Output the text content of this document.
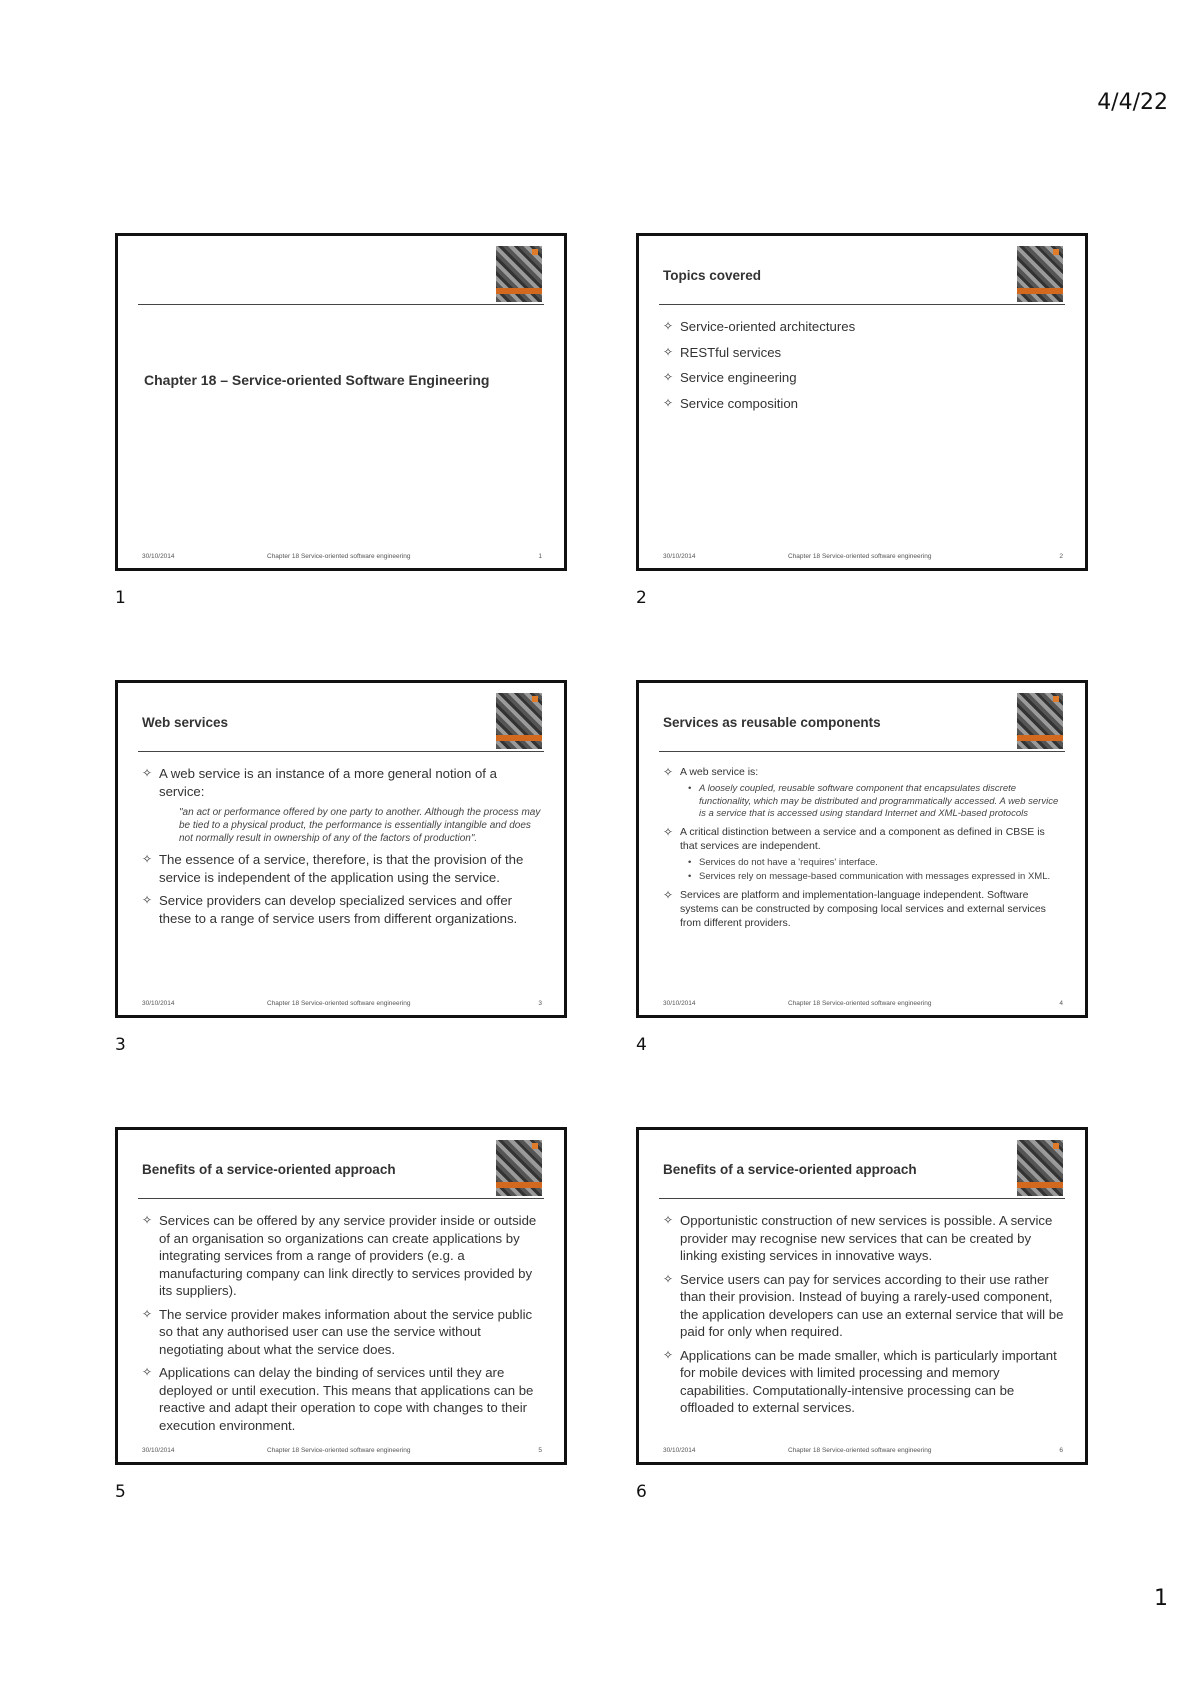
4/4/22
Chapter 18 – Service-oriented Software Engineering
30/10/2014	Chapter 18 Service-oriented software engineering	1
1
Topics covered
✧ Service-oriented architectures
✧ RESTful services
✧ Service engineering
✧ Service composition
30/10/2014	Chapter 18 Service-oriented software engineering	2
2
Web services
✧ A web service is an instance of a more general notion of a service:
"an act or performance offered by one party to another. Although the process may be tied to a physical product, the performance is essentially intangible and does not normally result in ownership of any of the factors of production".
✧ The essence of a service, therefore, is that the provision of the service is independent of the application using the service.
✧ Service providers can develop specialized services and offer these to a range of service users from different organizations.
30/10/2014	Chapter 18 Service-oriented software engineering	3
3
Services as reusable components
✧ A web service is:
• A loosely coupled, reusable software component that encapsulates discrete functionality, which may be distributed and programmatically accessed. A web service is a service that is accessed using standard Internet and XML-based protocols
✧ A critical distinction between a service and a component as defined in CBSE is that services are independent.
• Services do not have a 'requires' interface.
• Services rely on message-based communication with messages expressed in XML.
✧ Services are platform and implementation-language independent. Software systems can be constructed by composing local services and external services from different providers.
30/10/2014	Chapter 18 Service-oriented software engineering	4
4
Benefits of a service-oriented approach
✧ Services can be offered by any service provider inside or outside of an organisation so organizations can create applications by integrating services from a range of providers (e.g. a manufacturing company can link directly to services provided by its suppliers).
✧ The service provider makes information about the service public so that any authorised user can use the service without negotiating about what the service does.
✧ Applications can delay the binding of services until they are deployed or until execution. This means that applications can be reactive and adapt their operation to cope with changes to their execution environment.
30/10/2014	Chapter 18 Service-oriented software engineering	5
5
Benefits of a service-oriented approach
✧ Opportunistic construction of new services is possible. A service provider may recognise new services that can be created by linking existing services in innovative ways.
✧ Service users can pay for services according to their use rather than their provision. Instead of buying a rarely-used component, the application developers can use an external service that will be paid for only when required.
✧ Applications can be made smaller, which is particularly important for mobile devices with limited processing and memory capabilities. Computationally-intensive processing can be offloaded to external services.
30/10/2014	Chapter 18 Service-oriented software engineering	6
6
1
